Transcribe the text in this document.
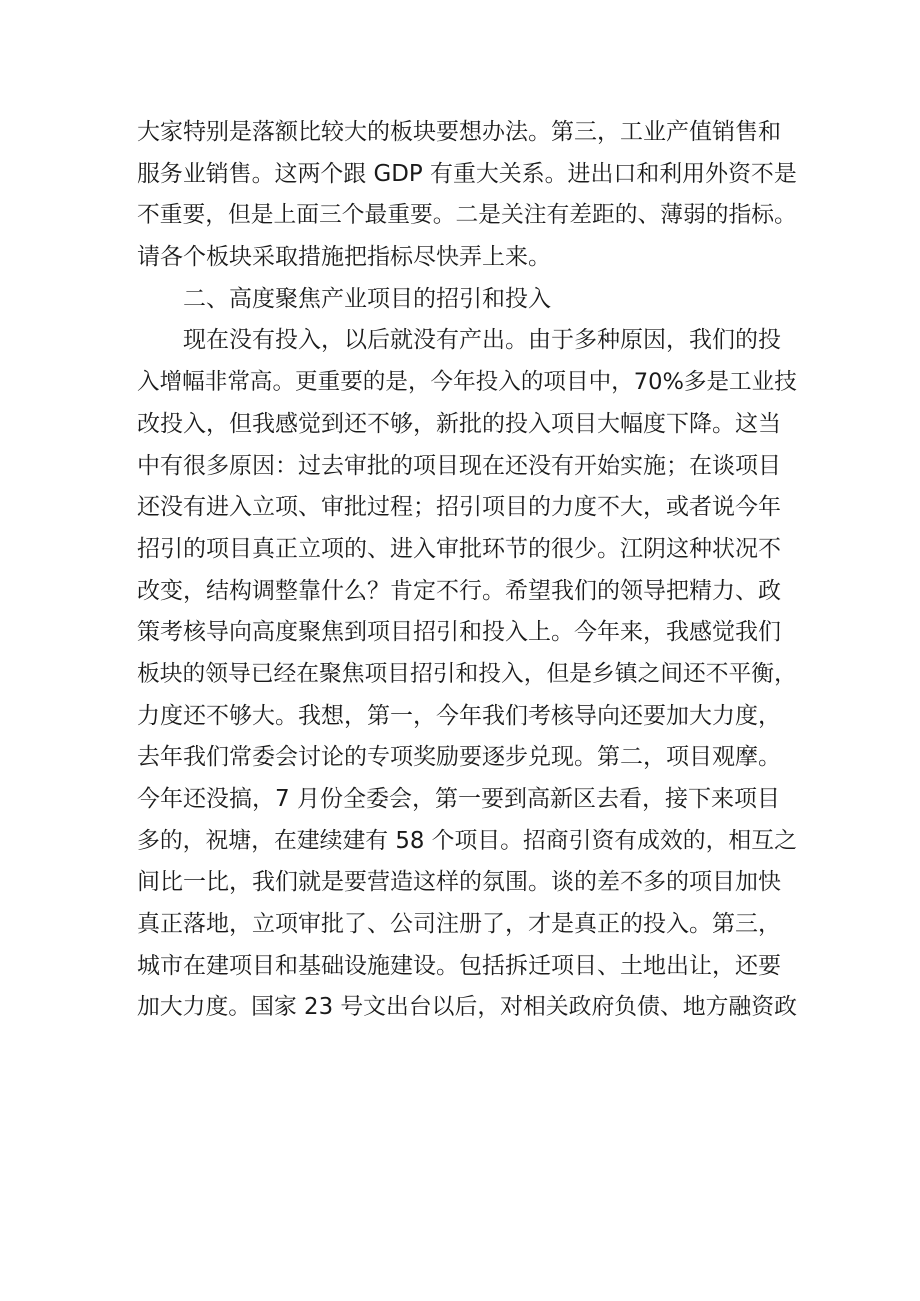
大家特别是落额比较大的板块要想办法。第三，工业产值销售和
服务业销售。这两个跟 GDP 有重大关系。进出口和利用外资不是
不重要，但是上面三个最重要。二是关注有差距的、薄弱的指标。
请各个板块采取措施把指标尽快弄上来。
二、高度聚焦产业项目的招引和投入
现在没有投入，以后就没有产出。由于多种原因，我们的投
入增幅非常高。更重要的是，今年投入的项目中，70%多是工业技
改投入，但我感觉到还不够，新批的投入项目大幅度下降。这当
中有很多原因：过去审批的项目现在还没有开始实施；在谈项目
还没有进入立项、审批过程；招引项目的力度不大，或者说今年
招引的项目真正立项的、进入审批环节的很少。江阴这种状况不
改变，结构调整靠什么？肯定不行。希望我们的领导把精力、政
策考核导向高度聚焦到项目招引和投入上。今年来，我感觉我们
板块的领导已经在聚焦项目招引和投入，但是乡镇之间还不平衡，
力度还不够大。我想，第一，今年我们考核导向还要加大力度，
去年我们常委会讨论的专项奖励要逐步兑现。第二，项目观摩。
今年还没搞，7 月份全委会，第一要到高新区去看，接下来项目
多的，祝塘，在建续建有 58 个项目。招商引资有成效的，相互之
间比一比，我们就是要营造这样的氛围。谈的差不多的项目加快
真正落地，立项审批了、公司注册了，才是真正的投入。第三，
城市在建项目和基础设施建设。包括拆迁项目、土地出让，还要
加大力度。国家 23 号文出台以后，对相关政府负债、地方融资政
